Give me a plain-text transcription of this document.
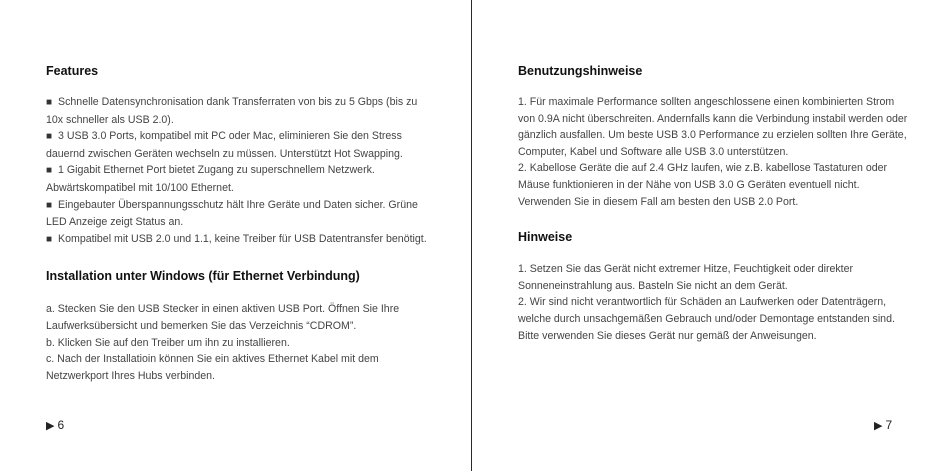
Features

■ Schnelle Datensynchronisation dank Transferraten von bis zu 5 Gbps (bis zu 10x schneller als USB 2.0).

■ 3 USB 3.0 Ports, kompatibel mit PC oder Mac, eliminieren Sie den Stress dauernd zwischen Geräten wechseln zu müssen. Unterstützt Hot Swapping.

■ 1 Gigabit Ethernet Port bietet Zugang zu superschnellem Netzwerk. Abwärtskompatibel mit 10/100 Ethernet.

■ Eingebauter Überspannungsschutz hält Ihre Geräte und Daten sicher. Grüne LED Anzeige zeigt Status an.

■ Kompatibel mit USB 2.0 und 1.1, keine Treiber für USB Datentransfer benötigt.

Installation unter Windows (für Ethernet Verbindung)

a. Stecken Sie den USB Stecker in einen aktiven USB Port. Öffnen Sie Ihre Laufwerksübersicht und bemerken Sie das Verzeichnis “CDROM”.

b. Klicken Sie auf den Treiber um ihn zu installieren.

c. Nach der Installatioin können Sie ein aktives Ethernet Kabel mit dem Netzwerkport Ihres Hubs verbinden.

▶ 6
Benutzungshinweise

1. Für maximale Performance sollten angeschlossene einen kombinierten Strom von 0.9A nicht überschreiten. Andernfalls kann die Verbindung instabil werden oder gänzlich ausfallen. Um beste USB 3.0 Performance zu erzielen sollten Ihre Geräte, Computer, Kabel und Software alle USB 3.0 unterstützen.

2. Kabellose Geräte die auf 2.4 GHz laufen, wie z.B. kabellose Tastaturen oder Mäuse funktionieren in der Nähe von USB 3.0 G Geräten eventuell nicht. Verwenden Sie in diesem Fall am besten den USB 2.0 Port.

Hinweise

1. Setzen Sie das Gerät nicht extremer Hitze, Feuchtigkeit oder direkter Sonneneinstrahlung aus. Basteln Sie nicht an dem Gerät.

2. Wir sind nicht verantwortlich für Schäden an Laufwerken oder Datenträgern, welche durch unsachgemäßen Gebrauch und/oder Demontage entstanden sind. Bitte verwenden Sie dieses Gerät nur gemäß der Anweisungen.

▶ 7
